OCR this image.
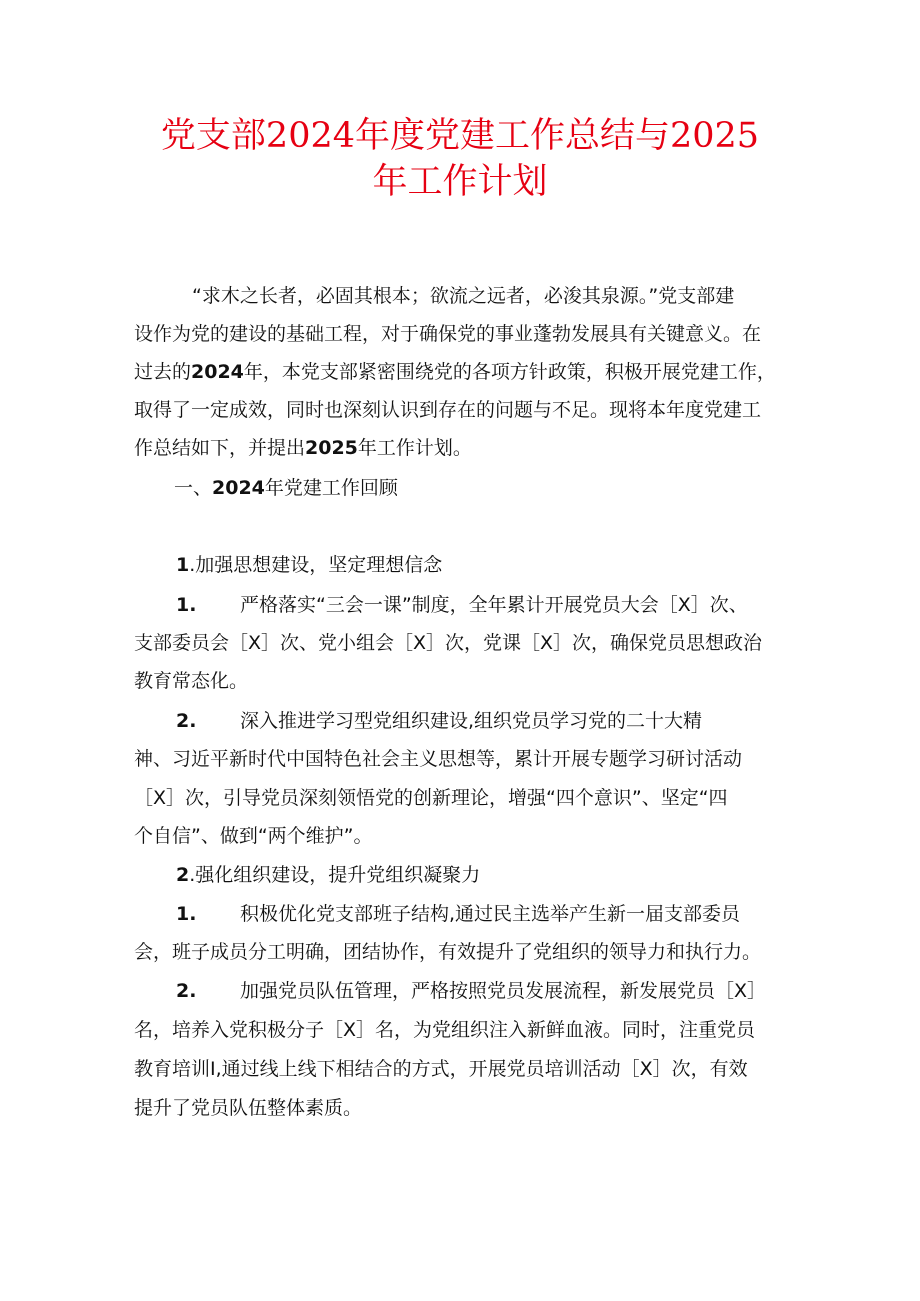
党支部2024年度党建工作总结与2025
年工作计划
“求木之长者，必固其根本；欲流之远者，必浚其泉源。”党支部建
设作为党的建设的基础工程，对于确保党的事业蓬勃发展具有关键意义。在
过去的2024年，本党支部紧密围绕党的各项方针政策，积极开展党建工作，
取得了一定成效，同时也深刻认识到存在的问题与不足。现将本年度党建工
作总结如下，并提出2025年工作计划。
一、2024年党建工作回顾
1.加强思想建设，坚定理想信念
1. 严格落实“三会一课”制度，全年累计开展党员大会［X］次、
支部委员会［X］次、党小组会［X］次，党课［X］次，确保党员思想政治
教育常态化。
2. 深入推进学习型党组织建设,组织党员学习党的二十大精
神、习近平新时代中国特色社会主义思想等，累计开展专题学习研讨活动
［X］次，引导党员深刻领悟党的创新理论，增强“四个意识”、坚定“四
个自信”、做到“两个维护”。
2.强化组织建设，提升党组织凝聚力
1. 积极优化党支部班子结构,通过民主选举产生新一届支部委员
会，班子成员分工明确，团结协作，有效提升了党组织的领导力和执行力。
2. 加强党员队伍管理，严格按照党员发展流程，新发展党员［X］
名，培养入党积极分子［X］名，为党组织注入新鲜血液。同时，注重党员
教育培训I,通过线上线下相结合的方式，开展党员培训活动［X］次，有效
提升了党员队伍整体素质。
